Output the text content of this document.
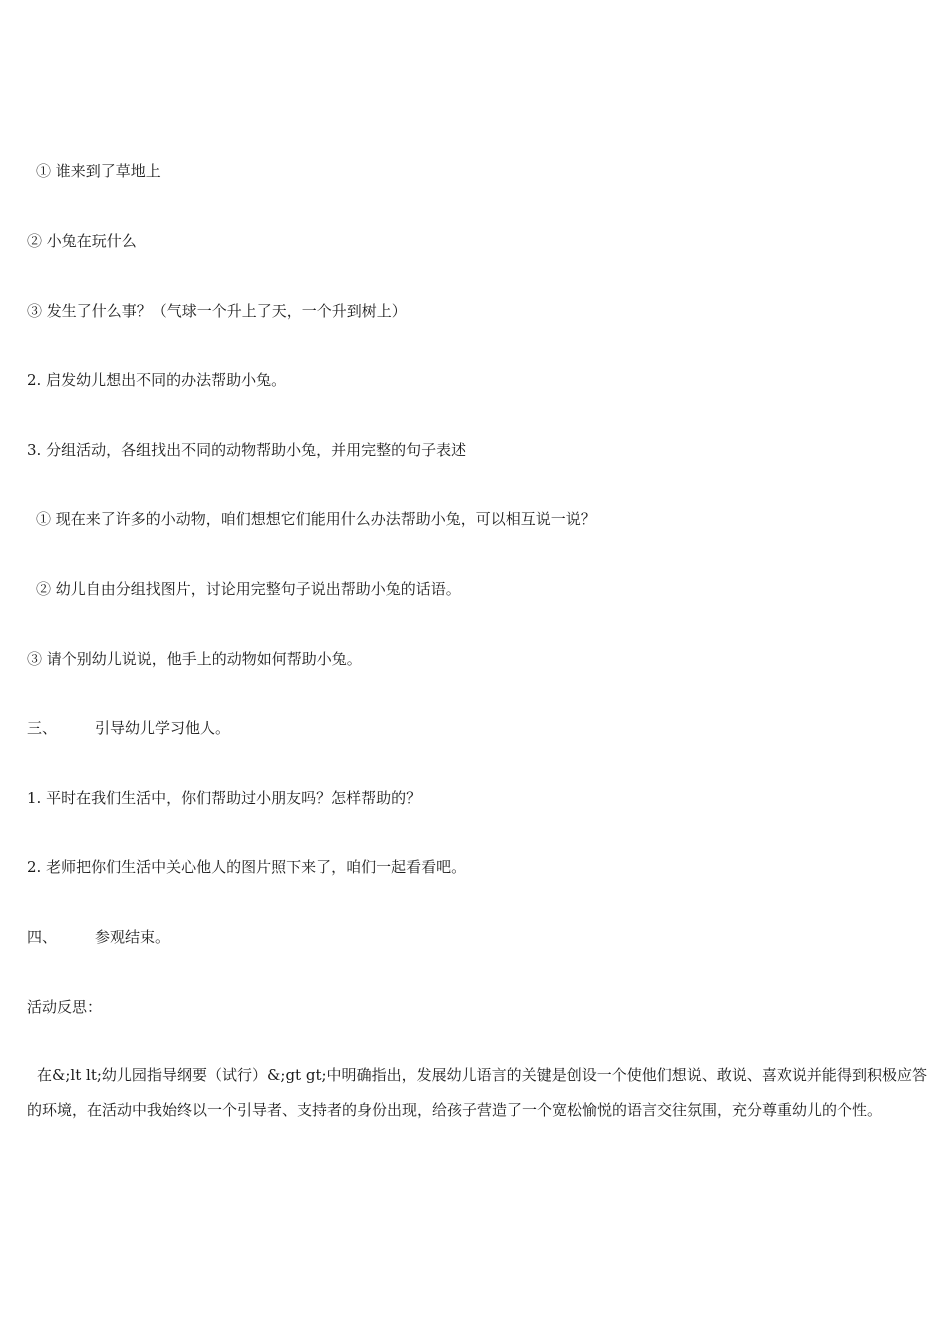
① 谁来到了草地上
② 小兔在玩什么
③ 发生了什么事？（气球一个升上了天，一个升到树上）
2. 启发幼儿想出不同的办法帮助小兔。
3. 分组活动，各组找出不同的动物帮助小兔，并用完整的句子表述
① 现在来了许多的小动物，咱们想想它们能用什么办法帮助小兔，可以相互说一说？
② 幼儿自由分组找图片，讨论用完整句子说出帮助小兔的话语。
③ 请个别幼儿说说，他手上的动物如何帮助小兔。
三、	引导幼儿学习他人。
1. 平时在我们生活中，你们帮助过小朋友吗？怎样帮助的？
2. 老师把你们生活中关心他人的图片照下来了，咱们一起看看吧。
四、	参观结束。
活动反思：
在&;lt lt;幼儿园指导纲要（试行）&;gt gt;中明确指出，发展幼儿语言的关键是创设一个使他们想说、敢说、喜欢说并能得到积极应答的环境，在活动中我始终以一个引导者、支持者的身份出现，给孩子营造了一个宽松愉悦的语言交往氛围，充分尊重幼儿的个性。
